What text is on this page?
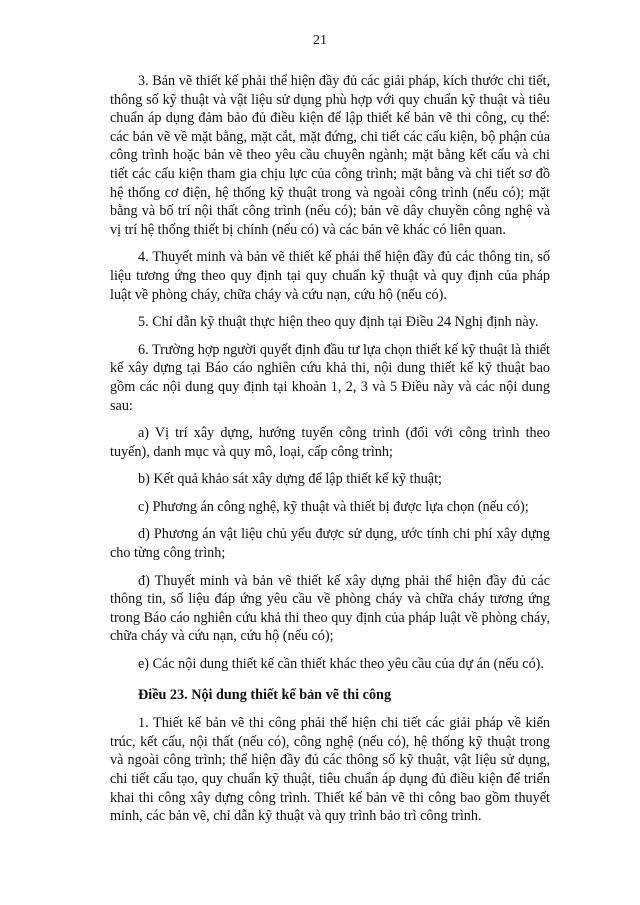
21

3. Bản vẽ thiết kế phải thể hiện đầy đủ các giải pháp, kích thước chi tiết, thông số kỹ thuật và vật liệu sử dụng phù hợp với quy chuẩn kỹ thuật và tiêu chuẩn áp dụng đảm bảo đủ điều kiện để lập thiết kế bản vẽ thi công, cụ thể: các bản vẽ về mặt bằng, mặt cắt, mặt đứng, chi tiết các cấu kiện, bộ phận của công trình hoặc bản vẽ theo yêu cầu chuyên ngành; mặt bằng kết cấu và chi tiết các cấu kiện tham gia chịu lực của công trình; mặt bằng và chi tiết sơ đồ hệ thống cơ điện, hệ thống kỹ thuật trong và ngoài công trình (nếu có); mặt bằng và bố trí nội thất công trình (nếu có); bản vẽ dây chuyền công nghệ và vị trí hệ thống thiết bị chính (nếu có) và các bản vẽ khác có liên quan.

4. Thuyết minh và bản vẽ thiết kế phải thể hiện đầy đủ các thông tin, số liệu tương ứng theo quy định tại quy chuẩn kỹ thuật và quy định của pháp luật về phòng cháy, chữa cháy và cứu nạn, cứu hộ (nếu có).

5. Chỉ dẫn kỹ thuật thực hiện theo quy định tại Điều 24 Nghị định này.

6. Trường hợp người quyết định đầu tư lựa chọn thiết kế kỹ thuật là thiết kế xây dựng tại Báo cáo nghiên cứu khả thi, nội dung thiết kế kỹ thuật bao gồm các nội dung quy định tại khoản 1, 2, 3 và 5 Điều này và các nội dung sau:

a) Vị trí xây dựng, hướng tuyến công trình (đối với công trình theo tuyến), danh mục và quy mô, loại, cấp công trình;

b) Kết quả khảo sát xây dựng để lập thiết kế kỹ thuật;

c) Phương án công nghệ, kỹ thuật và thiết bị được lựa chọn (nếu có);

d) Phương án vật liệu chủ yếu được sử dụng, ước tính chi phí xây dựng cho từng công trình;

đ) Thuyết minh và bản vẽ thiết kế xây dựng phải thể hiện đầy đủ các thông tin, số liệu đáp ứng yêu cầu về phòng cháy và chữa cháy tương ứng trong Báo cáo nghiên cứu khả thi theo quy định của pháp luật về phòng cháy, chữa cháy và cứu nạn, cứu hộ (nếu có);

e) Các nội dung thiết kế cần thiết khác theo yêu cầu của dự án (nếu có).

Điều 23. Nội dung thiết kế bản vẽ thi công

1. Thiết kế bản vẽ thi công phải thể hiện chi tiết các giải pháp về kiến trúc, kết cấu, nội thất (nếu có), công nghệ (nếu có), hệ thống kỹ thuật trong và ngoài công trình; thể hiện đầy đủ các thông số kỹ thuật, vật liệu sử dụng, chi tiết cấu tạo, quy chuẩn kỹ thuật, tiêu chuẩn áp dụng đủ điều kiện để triển khai thi công xây dựng công trình. Thiết kế bản vẽ thi công bao gồm thuyết minh, các bản vẽ, chỉ dẫn kỹ thuật và quy trình bảo trì công trình.
